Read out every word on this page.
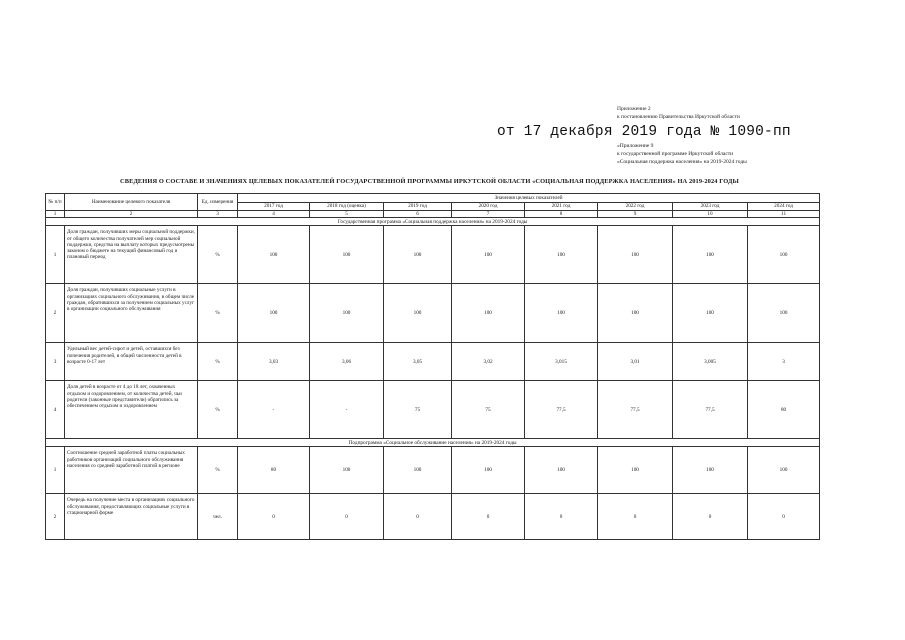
Приложение 2
к постановлению Правительства Иркутской области
от 17 декабря 2019 года № 1090-пп
«Приложение 9
к государственной программе Иркутской области
«Социальная поддержка населения» на 2019-2024 годы
СВЕДЕНИЯ О СОСТАВЕ И ЗНАЧЕНИЯХ ЦЕЛЕВЫХ ПОКАЗАТЕЛЕЙ ГОСУДАРСТВЕННОЙ ПРОГРАММЫ ИРКУТСКОЙ ОБЛАСТИ «СОЦИАЛЬНАЯ ПОДДЕРЖКА НАСЕЛЕНИЯ» НА 2019-2024 ГОДЫ
№ п/п	Наименование целевого показателя	Ед. измерения	Значения целевых показателей							
			2017 год	2018 год (оценка)	2019 год	2020 год	2021 год	2022 год	2023 год	2024 год
1	2	3	4	5	6	7	8	9	10	11
Государственная программа «Социальная поддержка населения» на 2019-2024 годы										
1	Доля граждан, получивших меры социальной поддержки, от общего количества получателей мер социальной поддержки, средства на выплату которых предусмотрены законом о бюджете на текущий финансовый год и плановый период	%	100	100	100	100	100	100	100	100
2	Доля граждан, получивших социальные услуги в организациях социального обслуживания, в общем числе граждан, обратившихся за получением социальных услуг в организации социального обслуживания	%	100	100	100	100	100	100	100	100
3	Удельный вес детей-сирот и детей, оставшихся без попечения родителей, в общей численности детей в возрасте 0-17 лет	%	3,03	3,06	3,05	3,02	3,015	3,01	3,005	3
4	Доля детей в возрасте от 4 до 18 лет, охваченных отдыхом и оздоровлением, от количества детей, чьи родители (законные представители) обратились за обеспечением отдыхом и оздоровлением	%	-	-	75	75	77,5	77,5	77,5	80
Подпрограмма «Социальное обслуживание населения» на 2019-2024 годы										
1	Соотношение средней заработной платы социальных работников организаций социального обслуживания населения со средней заработной платой в регионе	%	80	100	100	100	100	100	100	100
2	Очередь на получение места в организациях социального обслуживания, предоставляющих социальные услуги в стационарной форме	чел.	0	0	0	0	0	0	0	0
